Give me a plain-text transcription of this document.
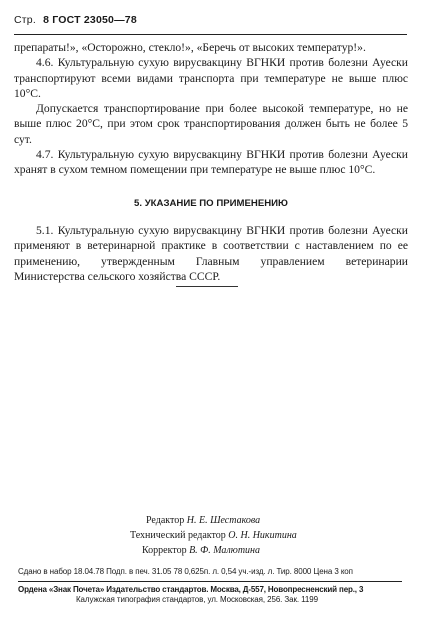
Стр. 8 ГОСТ 23050—78

препараты!», «Осторожно, стекло!», «Беречь от высоких температур!».

4.6. Культуральную сухую вирусвакцину ВГНКИ против болезни Ауески транспортируют всеми видами транспорта при температуре не выше плюс 10°С.

Допускается транспортирование при более высокой температуре, но не выше плюс 20°С, при этом срок транспортирования должен быть не более 5 сут.

4.7. Культуральную сухую вирусвакцину ВГНКИ против болезни Ауески хранят в сухом темном помещении при температуре не выше плюс 10°С.

5. УКАЗАНИЕ ПО ПРИМЕНЕНИЮ

5.1. Культуральную сухую вирусвакцину ВГНКИ против болезни Ауески применяют в ветеринарной практике в соответствии с наставлением по ее применению, утвержденным Главным управлением ветеринарии Министерства сельского хозяйства СССР.

Редактор Н. Е. Шестакова
Технический редактор О. Н. Никитина
Корректор В. Ф. Малютина
Сдано в набор 18.04.78 Подп. в печ. 31.05 78 0,625п. л. 0,54 уч.-изд. л. Тир. 8000 Цена 3 коп
Ордена «Знак Почета» Издательство стандартов. Москва, Д-557, Новопресненский пер., 3
Калужская типография стандартов, ул. Московская, 256. Зак. 1199
